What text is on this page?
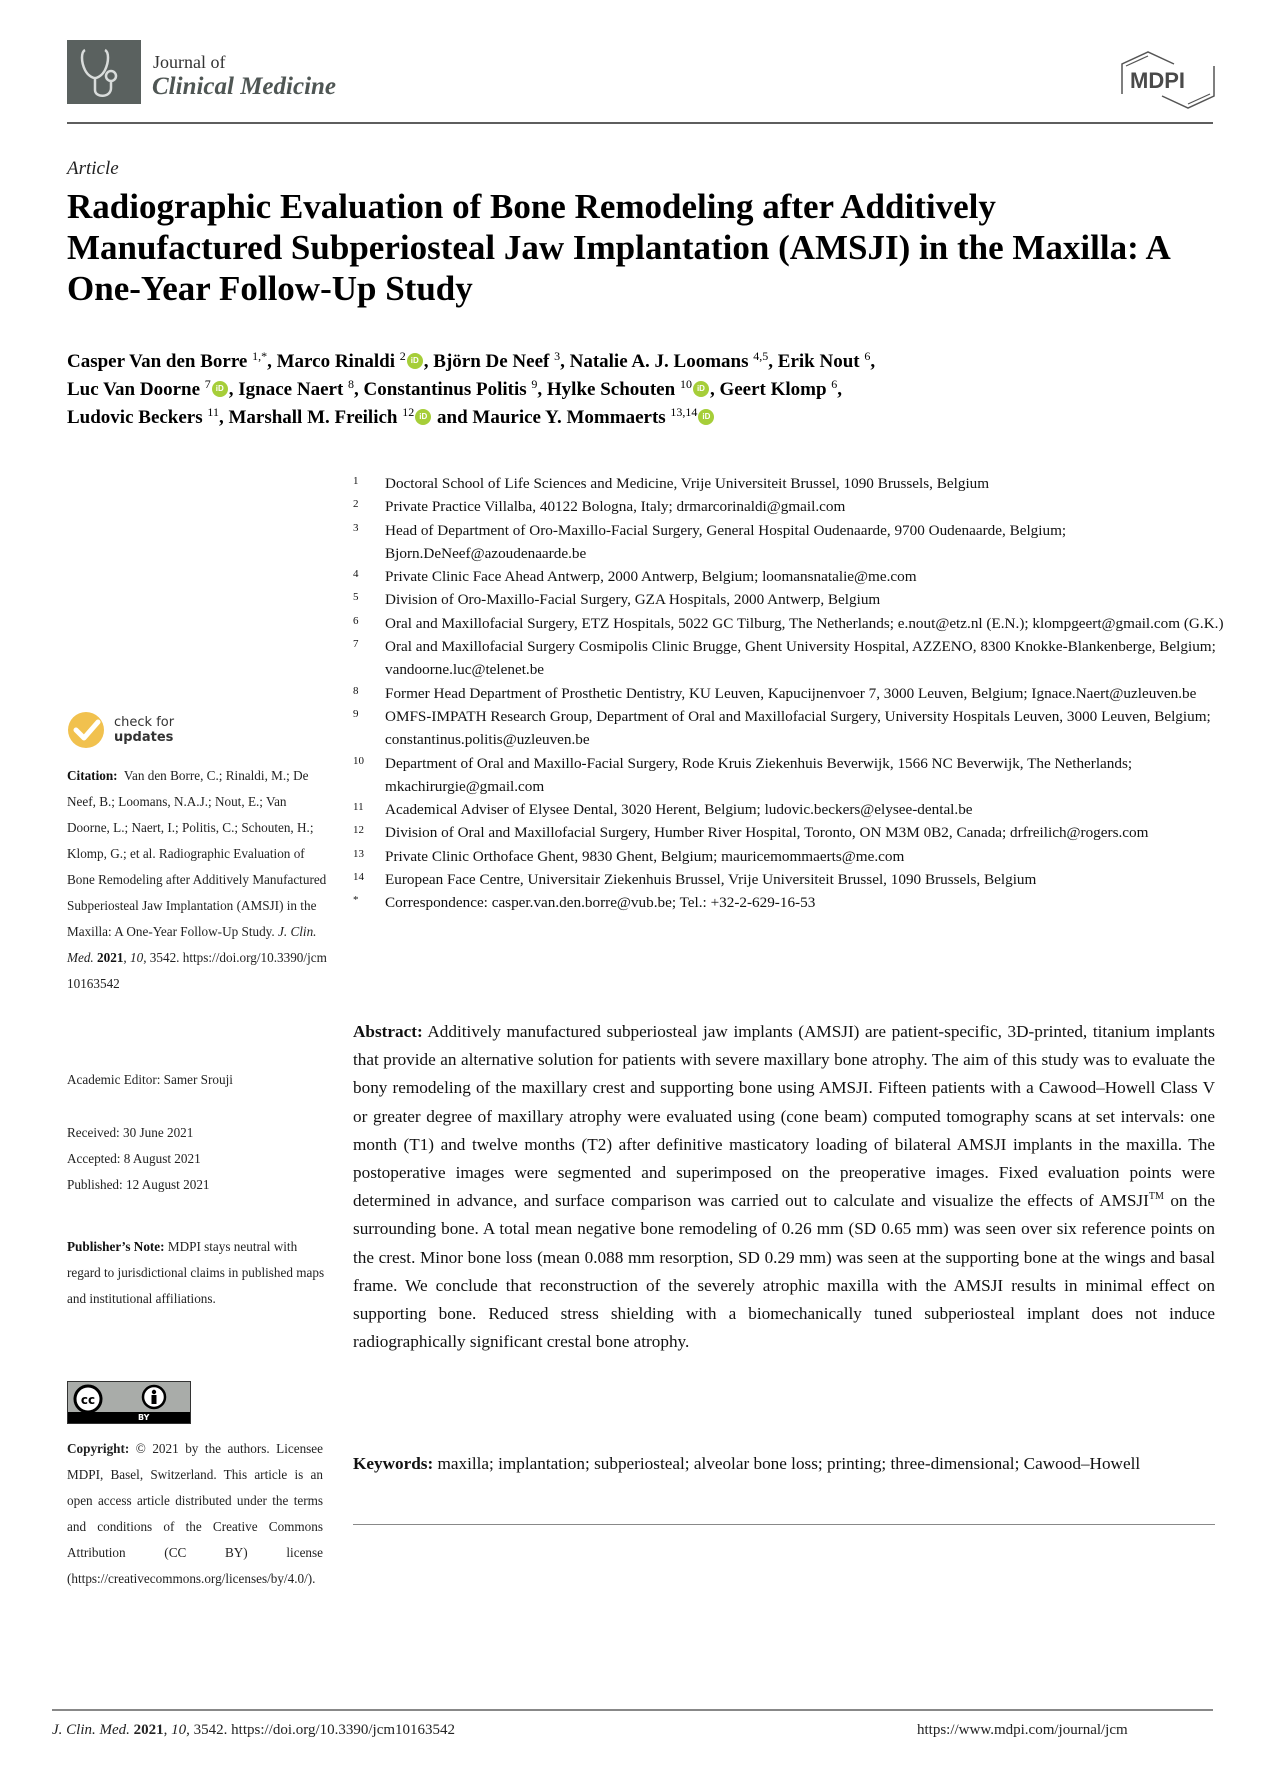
Journal of
Clinical Medicine	MDPI
Article
Radiographic Evaluation of Bone Remodeling after Additively Manufactured Subperiosteal Jaw Implantation (AMSJI) in the Maxilla: A One-Year Follow-Up Study
Casper Van den Borre $^{1,*}$, Marco Rinaldi $^2$ iD , Björn De Neef $^3$, Natalie A. J. Loomans $^{4,5}$, Erik Nout $^6$,
Luc Van Doorne $^7$ iD , Ignace Naert $^8$, Constantinus Politis $^9$, Hylke Schouten $^{10}$ iD , Geert Klomp $^6$,
Ludovic Beckers $^{11}$, Marshall M. Freilich $^{12}$ iD and Maurice Y. Mommaerts $^{13,14}$ iD
1	Doctoral School of Life Sciences and Medicine, Vrije Universiteit Brussel, 1090 Brussels, Belgium
2	Private Practice Villalba, 40122 Bologna, Italy; drmarcorinaldi@gmail.com
3	Head of Department of Oro-Maxillo-Facial Surgery, General Hospital Oudenaarde, 9700 Oudenaarde, Belgium; Bjorn.DeNeef@azoudenaarde.be
4	Private Clinic Face Ahead Antwerp, 2000 Antwerp, Belgium; loomansnatalie@me.com
5	Division of Oro-Maxillo-Facial Surgery, GZA Hospitals, 2000 Antwerp, Belgium
6	Oral and Maxillofacial Surgery, ETZ Hospitals, 5022 GC Tilburg, The Netherlands; e.nout@etz.nl (E.N.); klompgeert@gmail.com (G.K.)
7	Oral and Maxillofacial Surgery Cosmipolis Clinic Brugge, Ghent University Hospital, AZZENO, 8300 Knokke-Blankenberge, Belgium; vandoorne.luc@telenet.be
8	Former Head Department of Prosthetic Dentistry, KU Leuven, Kapucijnenvoer 7, 3000 Leuven, Belgium; Ignace.Naert@uzleuven.be
9	OMFS-IMPATH Research Group, Department of Oral and Maxillofacial Surgery, University Hospitals Leuven, 3000 Leuven, Belgium; constantinus.politis@uzleuven.be
10	Department of Oral and Maxillo-Facial Surgery, Rode Kruis Ziekenhuis Beverwijk, 1566 NC Beverwijk, The Netherlands; mkachirurgie@gmail.com
11	Academical Adviser of Elysee Dental, 3020 Herent, Belgium; ludovic.beckers@elysee-dental.be
12	Division of Oral and Maxillofacial Surgery, Humber River Hospital, Toronto, ON M3M 0B2, Canada; drfreilich@rogers.com
13	Private Clinic Orthoface Ghent, 9830 Ghent, Belgium; mauricemommaerts@me.com
14	European Face Centre, Universitair Ziekenhuis Brussel, Vrije Universiteit Brussel, 1090 Brussels, Belgium
*	Correspondence: casper.van.den.borre@vub.be; Tel.: +32-2-629-16-53
check for
updates
Citation: Van den Borre, C.; Rinaldi, M.; De Neef, B.; Loomans, N.A.J.; Nout, E.; Van Doorne, L.; Naert, I.; Politis, C.; Schouten, H.; Klomp, G.; et al. Radiographic Evaluation of Bone Remodeling after Additively Manufactured Subperiosteal Jaw Implantation (AMSJI) in the Maxilla: A One-Year Follow-Up Study. J. Clin. Med. 2021, 10, 3542. https://doi.org/10.3390/jcm10163542
Academic Editor: Samer Srouji
Received: 30 June 2021
Accepted: 8 August 2021
Published: 12 August 2021
Publisher’s Note: MDPI stays neutral with regard to jurisdictional claims in published maps and institutional affiliations.
cc
BY
Copyright: © 2021 by the authors. Licensee MDPI, Basel, Switzerland. This article is an open access article distributed under the terms and conditions of the Creative Commons Attribution (CC BY) license (https://creativecommons.org/licenses/by/4.0/).
Abstract: Additively manufactured subperiosteal jaw implants (AMSJI) are patient-specific, 3D-printed, titanium implants that provide an alternative solution for patients with severe maxillary bone atrophy. The aim of this study was to evaluate the bony remodeling of the maxillary crest and supporting bone using AMSJI. Fifteen patients with a Cawood–Howell Class V or greater degree of maxillary atrophy were evaluated using (cone beam) computed tomography scans at set intervals: one month (T1) and twelve months (T2) after definitive masticatory loading of bilateral AMSJI implants in the maxilla. The postoperative images were segmented and superimposed on the preoperative images. Fixed evaluation points were determined in advance, and surface comparison was carried out to calculate and visualize the effects of AMSJI™ on the surrounding bone. A total mean negative bone remodeling of 0.26 mm (SD 0.65 mm) was seen over six reference points on the crest. Minor bone loss (mean 0.088 mm resorption, SD 0.29 mm) was seen at the supporting bone at the wings and basal frame. We conclude that reconstruction of the severely atrophic maxilla with the AMSJI results in minimal effect on supporting bone. Reduced stress shielding with a biomechanically tuned subperiosteal implant does not induce radiographically significant crestal bone atrophy.
Keywords: maxilla; implantation; subperiosteal; alveolar bone loss; printing; three-dimensional; Cawood–Howell
J. Clin. Med. 2021, 10, 3542. https://doi.org/10.3390/jcm10163542	https://www.mdpi.com/journal/jcm
